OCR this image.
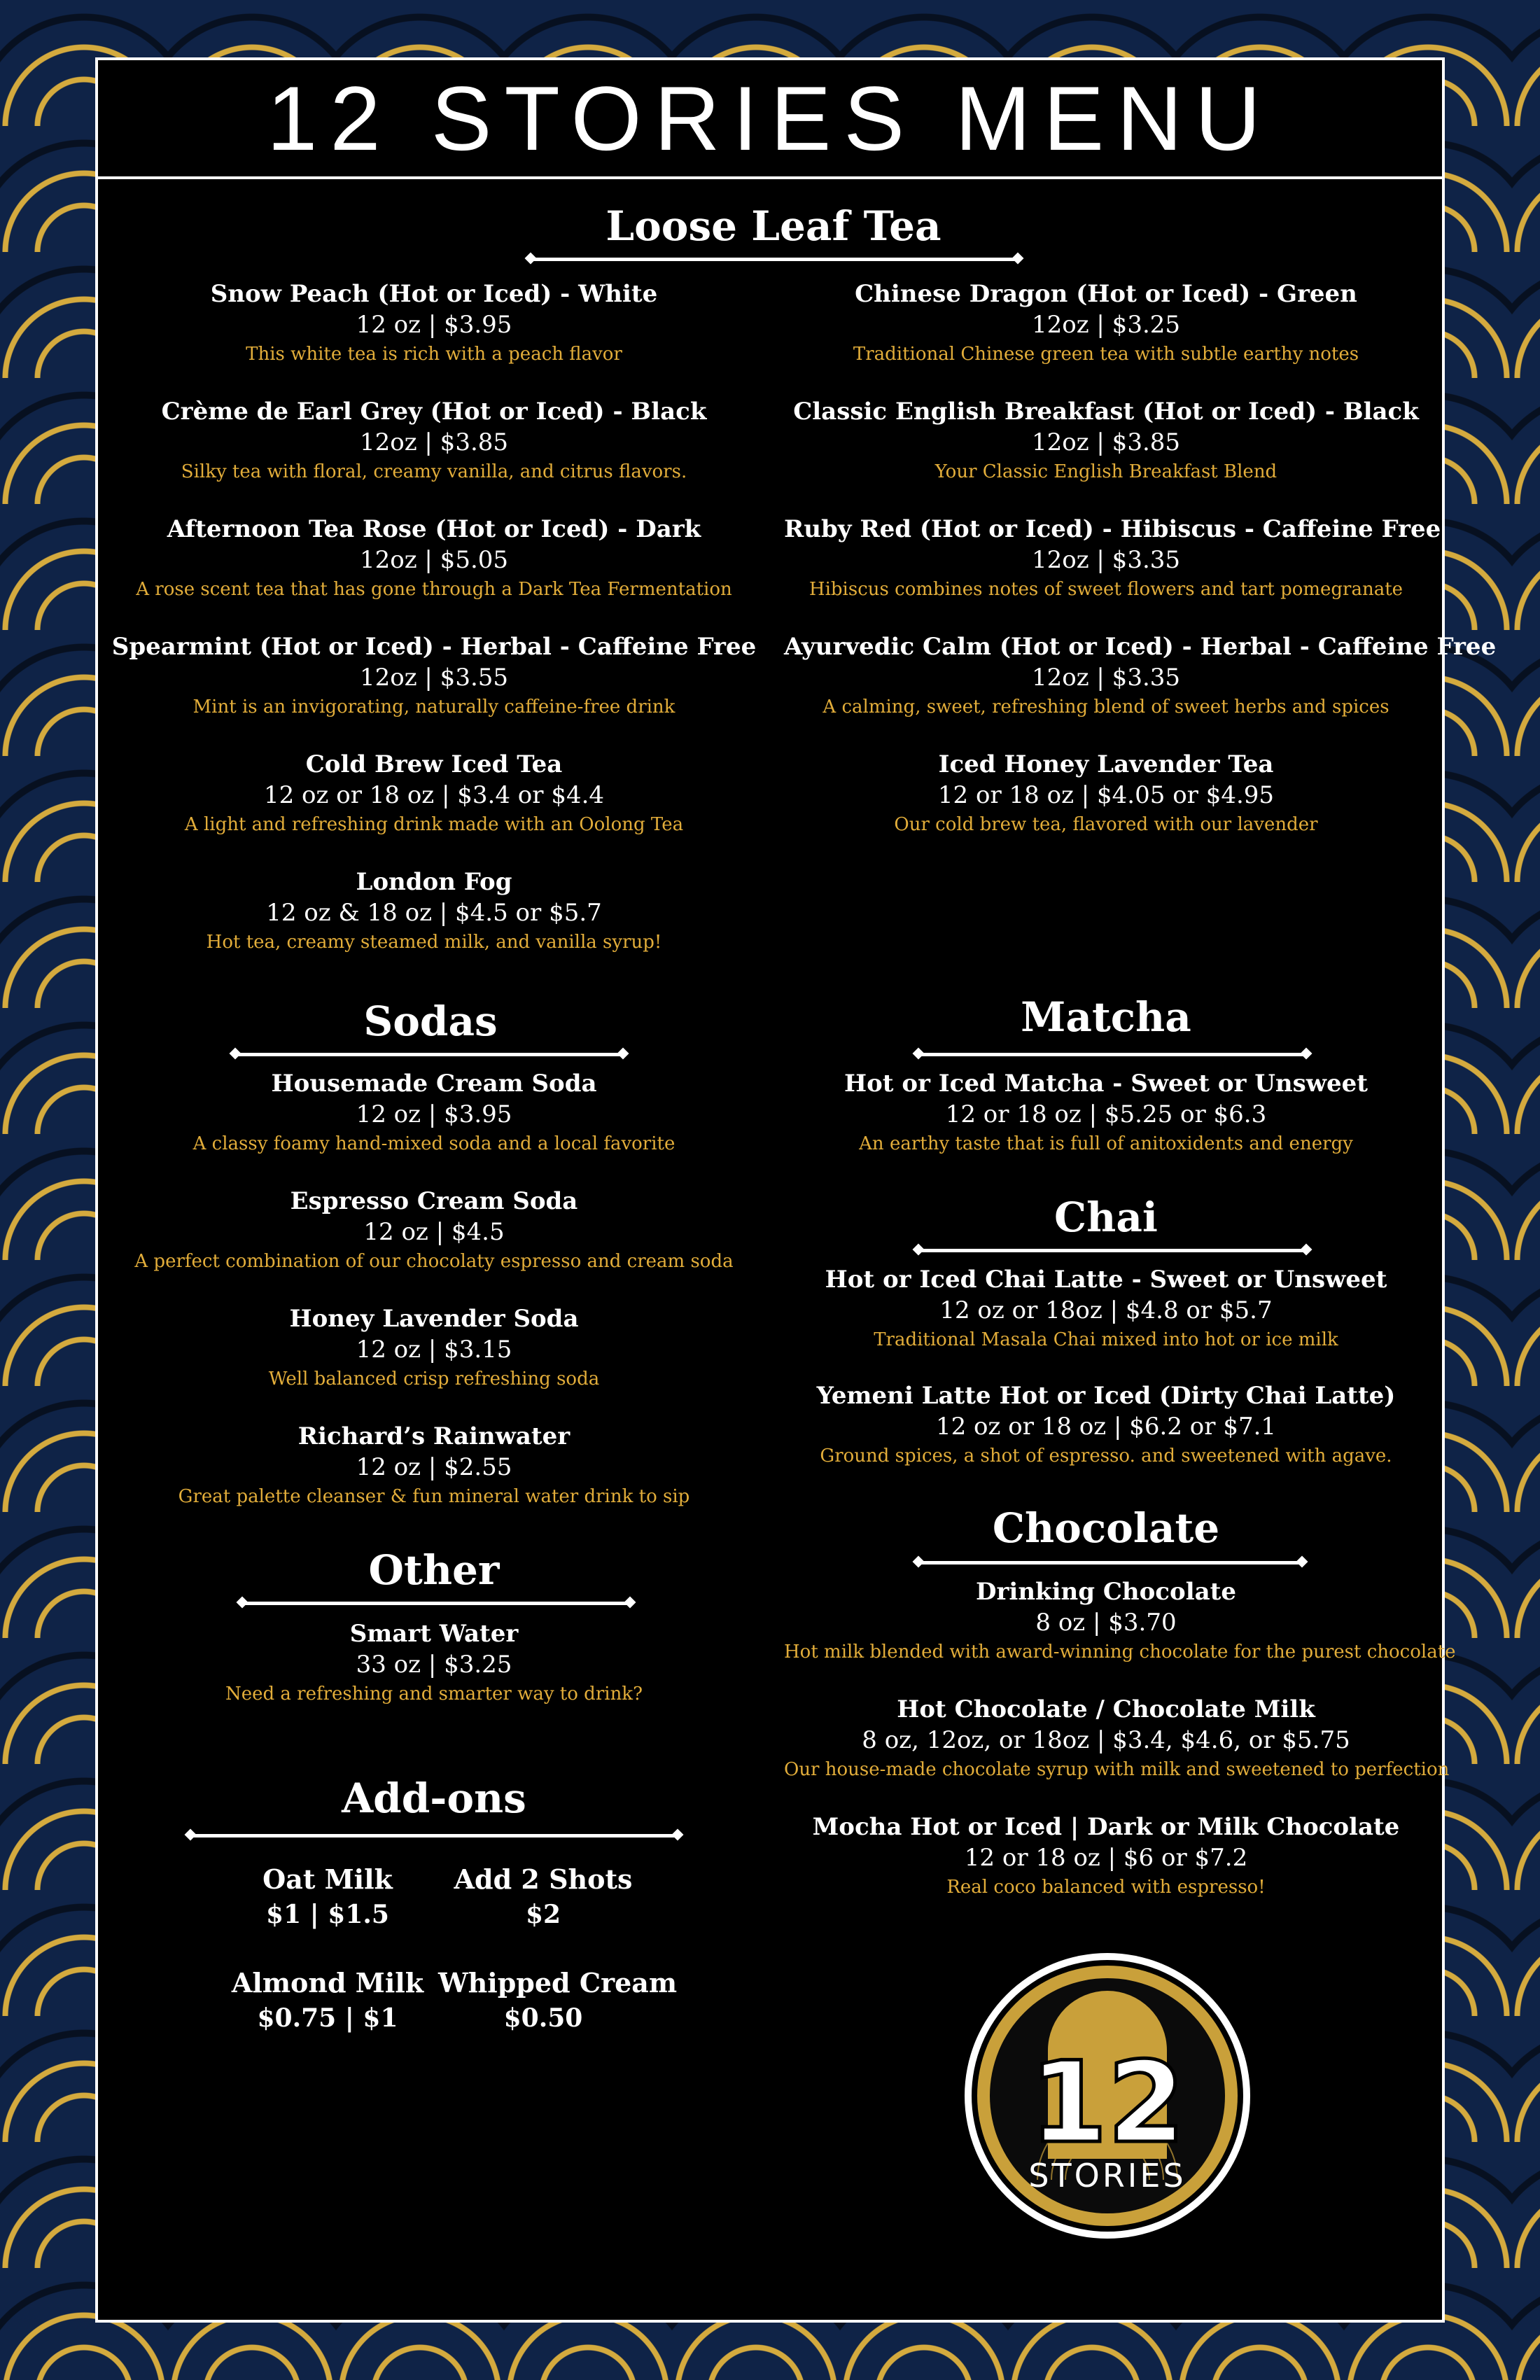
12 STORIES MENU
Loose Leaf Tea
Snow Peach (Hot or Iced) - White
12 oz | $3.95
This white tea is rich with a peach flavor
Crème de Earl Grey (Hot or Iced) - Black
12oz | $3.85
Silky tea with floral, creamy vanilla, and citrus flavors.
Afternoon Tea Rose (Hot or Iced) - Dark
12oz | $5.05
A rose scent tea that has gone through a Dark Tea Fermentation
Spearmint (Hot or Iced) - Herbal - Caffeine Free
12oz | $3.55
Mint is an invigorating, naturally caffeine-free drink
Cold Brew Iced Tea
12 oz or 18 oz | $3.4 or $4.4
A light and refreshing drink made with an Oolong Tea
London Fog
12 oz & 18 oz | $4.5 or $5.7
Hot tea, creamy steamed milk, and vanilla syrup!
Chinese Dragon (Hot or Iced) - Green
12oz | $3.25
Traditional Chinese green tea with subtle earthy notes
Classic English Breakfast (Hot or Iced) - Black
12oz | $3.85
Your Classic English Breakfast Blend
Ruby Red (Hot or Iced) - Hibiscus - Caffeine Free
12oz | $3.35
Hibiscus combines notes of sweet flowers and tart pomegranate
Ayurvedic Calm (Hot or Iced) - Herbal - Caffeine Free
12oz | $3.35
A calming, sweet, refreshing blend of sweet herbs and spices
Iced Honey Lavender Tea
12 or 18 oz | $4.05 or $4.95
Our cold brew tea, flavored with our lavender
Sodas
Housemade Cream Soda
12 oz | $3.95
A classy foamy hand-mixed soda and a local favorite
Espresso Cream Soda
12 oz | $4.5
A perfect combination of our chocolaty espresso and cream soda
Honey Lavender Soda
12 oz | $3.15
Well balanced crisp refreshing soda
Richard’s Rainwater
12 oz | $2.55
Great palette cleanser & fun mineral water drink to sip
Other
Smart Water
33 oz | $3.25
Need a refreshing and smarter way to drink?
Add-ons
Oat Milk
$1 | $1.5
Add 2 Shots
$2
Almond Milk
$0.75 | $1
Whipped Cream
$0.50
Matcha
Hot or Iced Matcha - Sweet or Unsweet
12 or 18 oz | $5.25 or $6.3
An earthy taste that is full of anitoxidents and energy
Chai
Hot or Iced Chai Latte - Sweet or Unsweet
12 oz or 18oz | $4.8 or $5.7
Traditional Masala Chai mixed into hot or ice milk
Yemeni Latte Hot or Iced (Dirty Chai Latte)
12 oz or 18 oz | $6.2 or $7.1
Ground spices, a shot of espresso. and sweetened with agave.
Chocolate
Drinking Chocolate
8 oz | $3.70
Hot milk blended with award-winning chocolate for the purest chocolate
Hot Chocolate / Chocolate Milk
8 oz, 12oz, or 18oz | $3.4, $4.6, or $5.75
Our house-made chocolate syrup with milk and sweetened to perfection
Mocha Hot or Iced | Dark or Milk Chocolate
12 or 18 oz | $6 or $7.2
Real coco balanced with espresso!
12
STORIES
